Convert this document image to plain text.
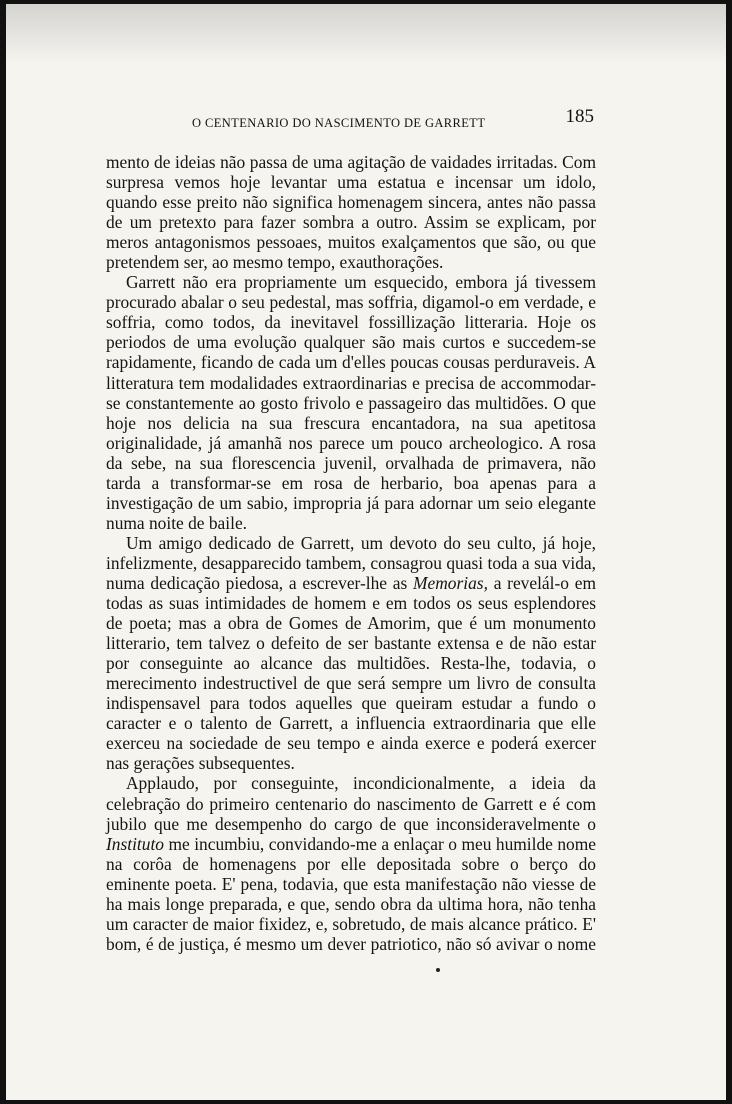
O CENTENARIO DO NASCIMENTO DE GARRETT	185

mento de ideias não passa de uma agitação de vaidades irritadas. Com surpresa vemos hoje levantar uma estatua e incensar um idolo, quando esse preito não significa homenagem sincera, antes não passa de um pretexto para fazer sombra a outro. Assim se explicam, por meros antagonismos pessoaes, muitos exalçamentos que são, ou que pretendem ser, ao mesmo tempo, exauthorações.

Garrett não era propriamente um esquecido, embora já tivessem procurado abalar o seu pedestal, mas soffria, digamol-o em verdade, e soffria, como todos, da inevitavel fossillização litteraria. Hoje os periodos de uma evolução qualquer são mais curtos e succedem-se rapidamente, ficando de cada um d'elles poucas cousas perduraveis. A litteratura tem modalidades extraordinarias e precisa de accommodar-se constantemente ao gosto frivolo e passageiro das multidões. O que hoje nos delicia na sua frescura encantadora, na sua apetitosa originalidade, já amanhã nos parece um pouco archeologico. A rosa da sebe, na sua florescencia juvenil, orvalhada de primavera, não tarda a transformar-se em rosa de herbario, boa apenas para a investigação de um sabio, impropria já para adornar um seio elegante numa noite de baile.

Um amigo dedicado de Garrett, um devoto do seu culto, já hoje, infelizmente, desapparecido tambem, consagrou quasi toda a sua vida, numa dedicação piedosa, a escrever-lhe as Memorias, a revelál-o em todas as suas intimidades de homem e em todos os seus esplendores de poeta; mas a obra de Gomes de Amorim, que é um monumento litterario, tem talvez o defeito de ser bastante extensa e de não estar por conseguinte ao alcance das multidões. Resta-lhe, todavia, o merecimento indestructivel de que será sempre um livro de consulta indispensavel para todos aquelles que queiram estudar a fundo o caracter e o talento de Garrett, a influencia extraordinaria que elle exerceu na sociedade de seu tempo e ainda exerce e poderá exercer nas gerações subsequentes.

Applaudo, por conseguinte, incondicionalmente, a ideia da celebração do primeiro centenario do nascimento de Garrett e é com jubilo que me desempenho do cargo de que inconsideravelmente o Instituto me incumbiu, convidando-me a enlaçar o meu humilde nome na corôa de homenagens por elle depositada sobre o berço do eminente poeta. E' pena, todavia, que esta manifestação não viesse de ha mais longe preparada, e que, sendo obra da ultima hora, não tenha um caracter de maior fixidez, e, sobretudo, de mais alcance prático. E' bom, é de justiça, é mesmo um dever patriotico, não só avivar o nome
